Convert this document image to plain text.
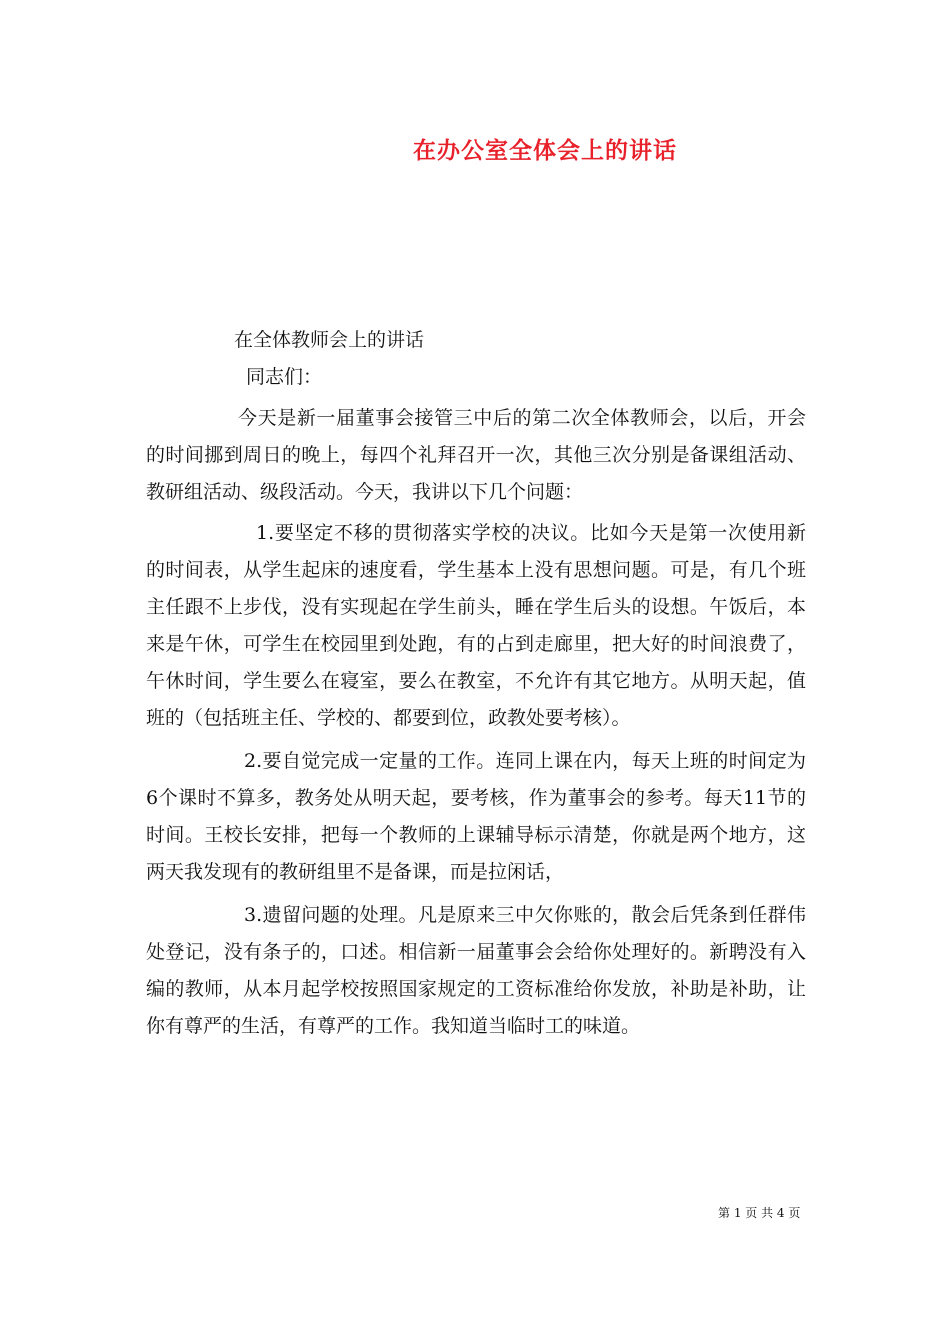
在办公室全体会上的讲话

在全体教师会上的讲话

同志们：

今天是新一届董事会接管三中后的第二次全体教师会，以后，开会的时间挪到周日的晚上，每四个礼拜召开一次，其他三次分别是备课组活动、教研组活动、级段活动。今天，我讲以下几个问题：

1.要坚定不移的贯彻落实学校的决议。比如今天是第一次使用新的时间表，从学生起床的速度看，学生基本上没有思想问题。可是，有几个班主任跟不上步伐，没有实现起在学生前头，睡在学生后头的设想。午饭后，本来是午休，可学生在校园里到处跑，有的占到走廊里，把大好的时间浪费了，午休时间，学生要么在寝室，要么在教室，不允许有其它地方。从明天起，值班的（包括班主任、学校的、都要到位，政教处要考核）。

2.要自觉完成一定量的工作。连同上课在内，每天上班的时间定为6个课时不算多，教务处从明天起，要考核，作为董事会的参考。每天11节的时间。王校长安排，把每一个教师的上课辅导标示清楚，你就是两个地方，这两天我发现有的教研组里不是备课，而是拉闲话，

3.遗留问题的处理。凡是原来三中欠你账的，散会后凭条到任群伟处登记，没有条子的，口述。相信新一届董事会会给你处理好的。新聘没有入编的教师，从本月起学校按照国家规定的工资标准给你发放，补助是补助，让你有尊严的生活，有尊严的工作。我知道当临时工的味道。

第 1 页 共 4 页
